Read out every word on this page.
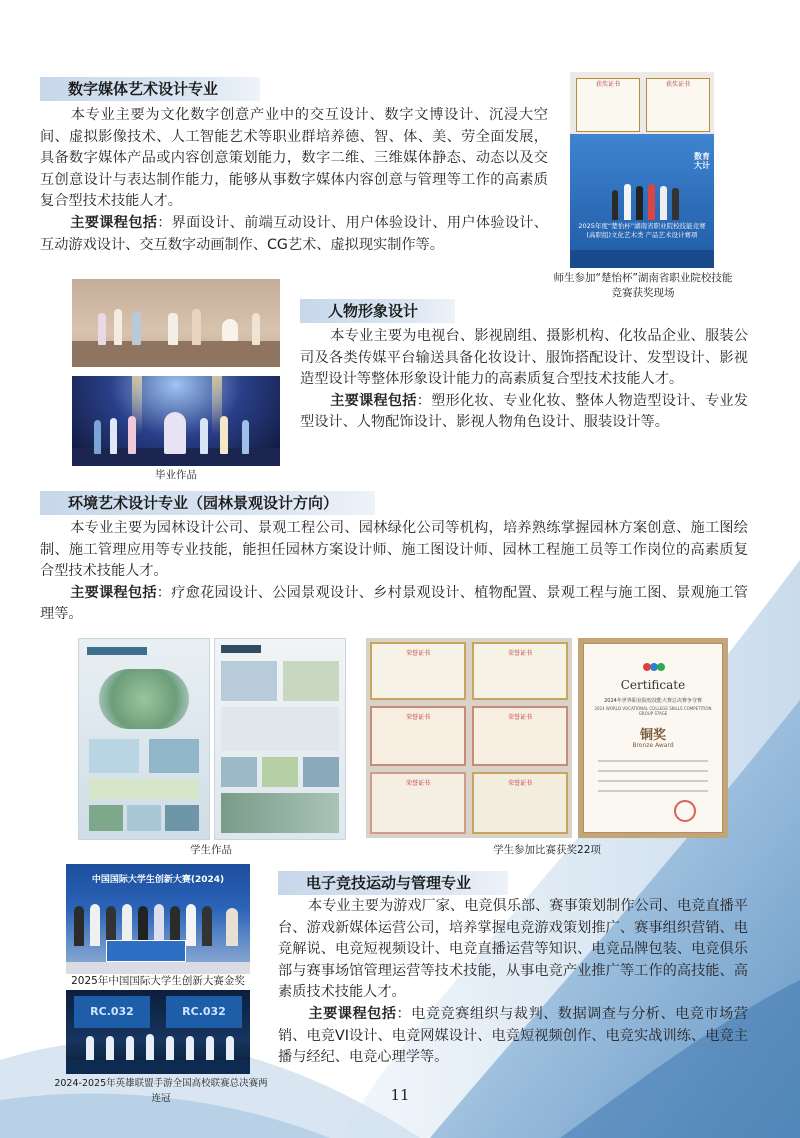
数字媒体艺术设计专业

本专业主要为文化数字创意产业中的交互设计、数字文博设计、沉浸大空间、虚拟影像技术、人工智能艺术等职业群培养德、智、体、美、劳全面发展，具备数字媒体产品或内容创意策划能力，数字二维、三维媒体静态、动态以及交互创意设计与表达制作能力，能够从事数字媒体内容创意与管理等工作的高素质复合型技术技能人才。

主要课程包括：界面设计、前端互动设计、用户体验设计、用户体验设计、互动游戏设计、交互数字动画制作、CG艺术、虚拟现实制作等。

获奖证书	获奖证书
数育大计
2025年度“楚怡杯”湖南省职业院校技能竞赛(高职组)文化艺术类 产品艺术设计赛项
师生参加“楚怡杯”湖南省职业院校技能竞赛获奖现场
毕业作品
人物形象设计

本专业主要为电视台、影视剧组、摄影机构、化妆品企业、服装公司及各类传媒平台输送具备化妆设计、服饰搭配设计、发型设计、影视造型设计等整体形象设计能力的高素质复合型技术技能人才。

主要课程包括：塑形化妆、专业化妆、整体人物造型设计、专业发型设计、人物配饰设计、影视人物角色设计、服装设计等。

环境艺术设计专业（园林景观设计方向）

本专业主要为园林设计公司、景观工程公司、园林绿化公司等机构，培养熟练掌握园林方案创意、施工图绘制、施工管理应用等专业技能，能担任园林方案设计师、施工图设计师、园林工程施工员等工作岗位的高素质复合型技术技能人才。

主要课程包括：疗愈花园设计、公园景观设计、乡村景观设计、植物配置、景观工程与施工图、景观施工管理等。

学生作品
荣誉证书	荣誉证书
荣誉证书	荣誉证书
荣誉证书	荣誉证书
Certificate
2024年世界职业院校技能大赛总决赛争夺赛
2024 WORLD VOCATIONAL COLLEGE SKILLS COMPETITION GROUP STAGE
铜奖
Bronze Award
学生参加比赛获奖22项
中国国际大学生创新大赛(2024)
2025年中国国际大学生创新大赛金奖
RC.032	RC.032
2024-2025年英雄联盟手游全国高校联赛总决赛两连冠
电子竞技运动与管理专业

本专业主要为游戏厂家、电竞俱乐部、赛事策划制作公司、电竞直播平台、游戏新媒体运营公司，培养掌握电竞游戏策划推广、赛事组织营销、电竞解说、电竞短视频设计、电竞直播运营等知识、电竞品牌包装、电竞俱乐部与赛事场馆管理运营等技术技能，从事电竞产业推广等工作的高技能、高素质技术技能人才。

主要课程包括：电竞竞赛组织与裁判、数据调查与分析、电竞市场营销、电竞VI设计、电竞网媒设计、电竞短视频创作、电竞实战训练、电竞主播与经纪、电竞心理学等。

11
